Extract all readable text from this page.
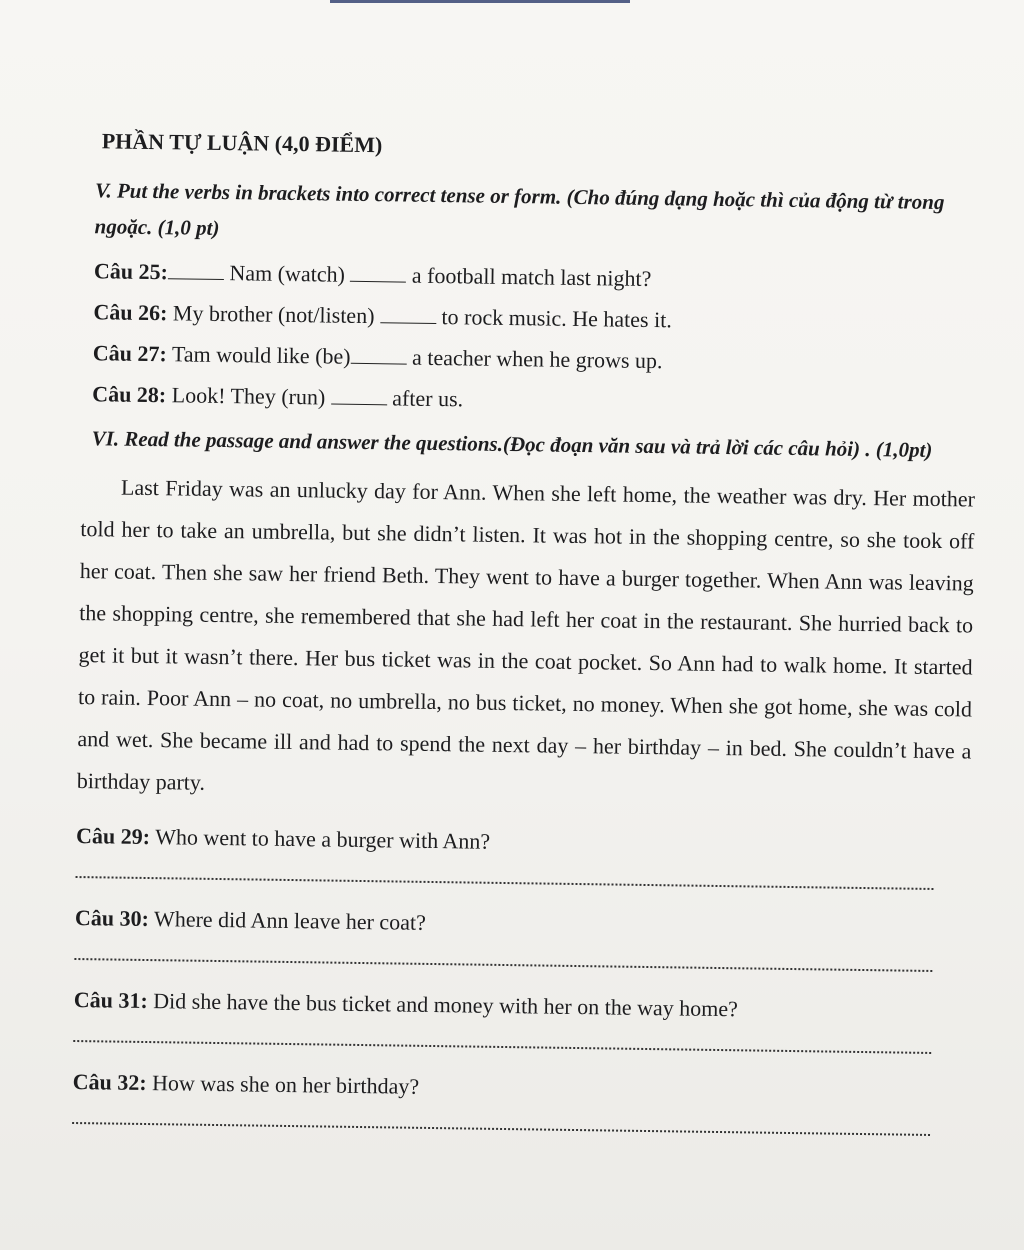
PHẦN TỰ LUẬN (4,0 ĐIỂM)
V. Put the verbs in brackets into correct tense or form. (Cho đúng dạng hoặc thì của động từ trong ngoặc. (1,0 pt)
Câu 25:	Nam (watch)	a football match last night?
Câu 26: My brother (not/listen)	to rock music. He hates it.
Câu 27: Tam would like (be)	a teacher when he grows up.
Câu 28: Look! They (run)	after us.
VI. Read the passage and answer the questions.(Đọc đoạn văn sau và trả lời các câu hỏi) . (1,0pt)
Last Friday was an unlucky day for Ann. When she left home, the weather was dry. Her mother told her to take an umbrella, but she didn’t listen. It was hot in the shopping centre, so she took off her coat. Then she saw her friend Beth. They went to have a burger together. When Ann was leaving the shopping centre, she remembered that she had left her coat in the restaurant. She hurried back to get it but it wasn’t there. Her bus ticket was in the coat pocket. So Ann had to walk home. It started to rain. Poor Ann – no coat, no umbrella, no bus ticket, no money. When she got home, she was cold and wet. She became ill and had to spend the next day – her birthday – in bed. She couldn’t have a birthday party.
Câu 29: Who went to have a burger with Ann?
Câu 30: Where did Ann leave her coat?
Câu 31: Did she have the bus ticket and money with her on the way home?
Câu 32: How was she on her birthday?
